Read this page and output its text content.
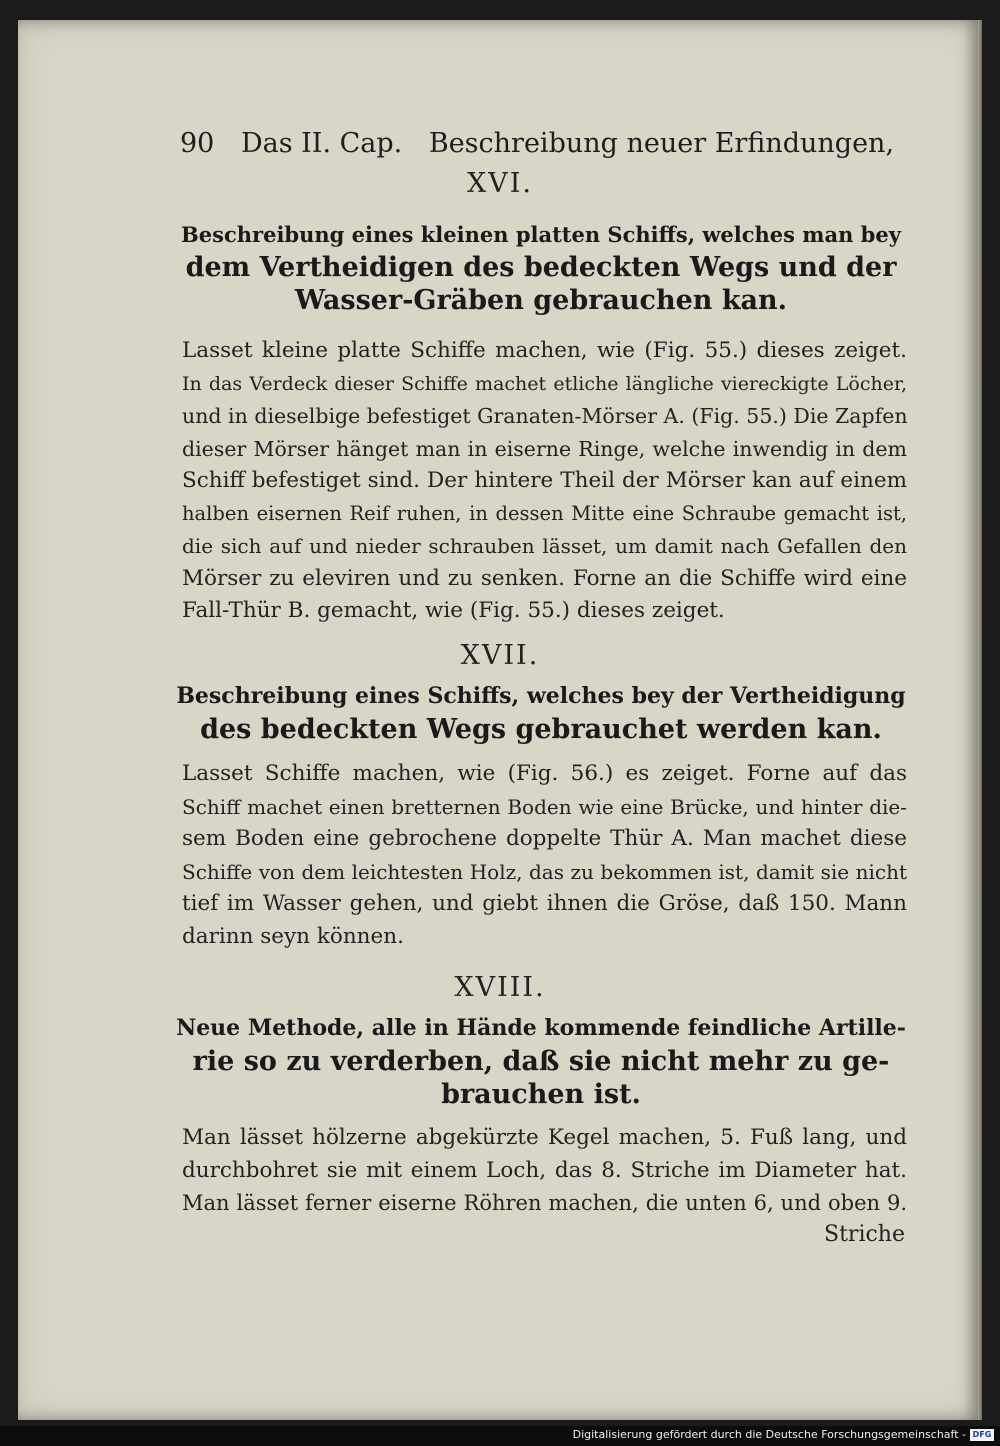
90 Das II. Cap. Beschreibung neuer Erfindungen,
XVI.
Beschreibung eines kleinen platten Schiffs, welches man bey
dem Vertheidigen des bedeckten Wegs und der
Wasser-Gräben gebrauchen kan.
Lasset kleine platte Schiffe machen, wie (Fig. 55.) dieses zeiget.
In das Verdeck dieser Schiffe machet etliche längliche viereckigte Löcher,
und in dieselbige befestiget Granaten-Mörser A. (Fig. 55.) Die Zapfen
dieser Mörser hänget man in eiserne Ringe, welche inwendig in dem
Schiff befestiget sind. Der hintere Theil der Mörser kan auf einem
halben eisernen Reif ruhen, in dessen Mitte eine Schraube gemacht ist,
die sich auf und nieder schrauben lässet, um damit nach Gefallen den
Mörser zu eleviren und zu senken. Forne an die Schiffe wird eine
Fall-Thür B. gemacht, wie (Fig. 55.) dieses zeiget.
XVII.
Beschreibung eines Schiffs, welches bey der Vertheidigung
des bedeckten Wegs gebrauchet werden kan.
Lasset Schiffe machen, wie (Fig. 56.) es zeiget. Forne auf das
Schiff machet einen bretternen Boden wie eine Brücke, und hinter die-
sem Boden eine gebrochene doppelte Thür A. Man machet diese
Schiffe von dem leichtesten Holz, das zu bekommen ist, damit sie nicht
tief im Wasser gehen, und giebt ihnen die Gröse, daß 150. Mann
darinn seyn können.
XVIII.
Neue Methode, alle in Hände kommende feindliche Artille-
rie so zu verderben, daß sie nicht mehr zu ge-
brauchen ist.
Man lässet hölzerne abgekürzte Kegel machen, 5. Fuß lang, und
durchbohret sie mit einem Loch, das 8. Striche im Diameter hat.
Man lässet ferner eiserne Röhren machen, die unten 6, und oben 9.
Striche
Digitalisierung gefördert durch die Deutsche Forschungsgemeinschaft - DFG
